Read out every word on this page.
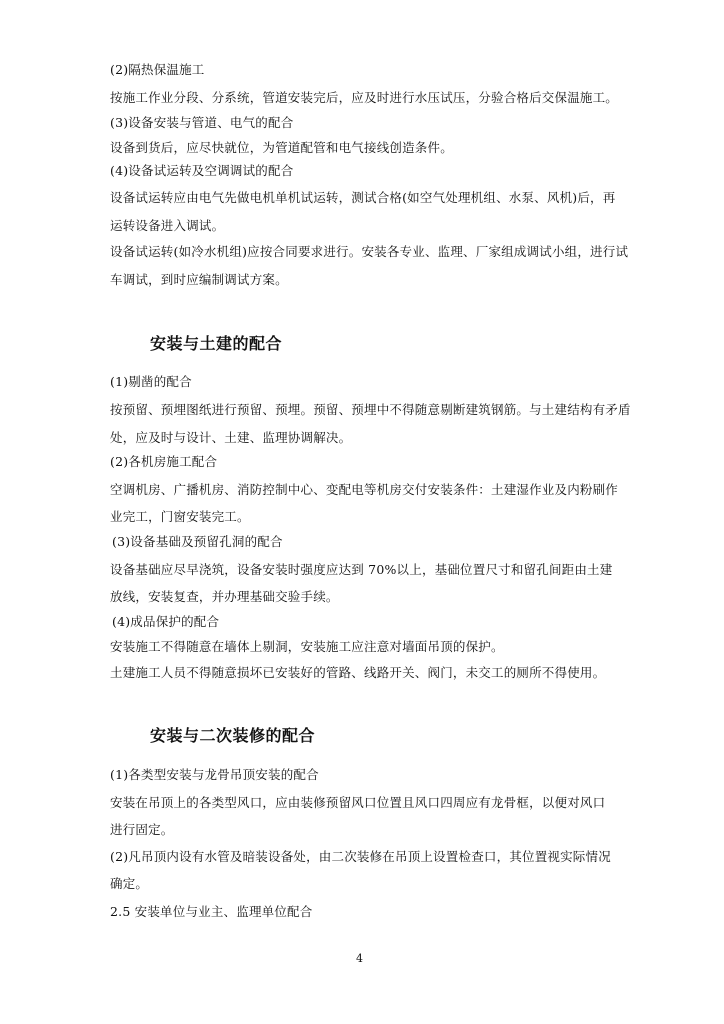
(2)隔热保温施工
按施工作业分段、分系统，管道安装完后，应及时进行水压试压，分验合格后交保温施工。
(3)设备安装与管道、电气的配合
设备到货后，应尽快就位，为管道配管和电气接线创造条件。
(4)设备试运转及空调调试的配合
设备试运转应由电气先做电机单机试运转，测试合格(如空气处理机组、水泵、风机)后，再
运转设备进入调试。
设备试运转(如冷水机组)应按合同要求进行。安装各专业、监理、厂家组成调试小组，进行试
车调试，到时应编制调试方案。
安装与土建的配合
(1)剔凿的配合
按预留、预埋图纸进行预留、预埋。预留、预埋中不得随意剔断建筑钢筋。与土建结构有矛盾
处，应及时与设计、土建、监理协调解决。
(2)各机房施工配合
空调机房、广播机房、消防控制中心、变配电等机房交付安装条件：土建湿作业及内粉刷作
业完工，门窗安装完工。
(3)设备基础及预留孔洞的配合
设备基础应尽早浇筑，设备安装时强度应达到 70%以上，基础位置尺寸和留孔间距由土建
放线，安装复查，并办理基础交验手续。
(4)成品保护的配合
安装施工不得随意在墙体上剔洞，安装施工应注意对墙面吊顶的保护。
土建施工人员不得随意损坏已安装好的管路、线路开关、阀门，未交工的厕所不得使用。
安装与二次装修的配合
(1)各类型安装与龙骨吊顶安装的配合
安装在吊顶上的各类型风口，应由装修预留风口位置且风口四周应有龙骨框，以便对风口
进行固定。
(2)凡吊顶内设有水管及暗装设备处，由二次装修在吊顶上设置检查口，其位置视实际情况
确定。
2.5 安装单位与业主、监理单位配合
4
